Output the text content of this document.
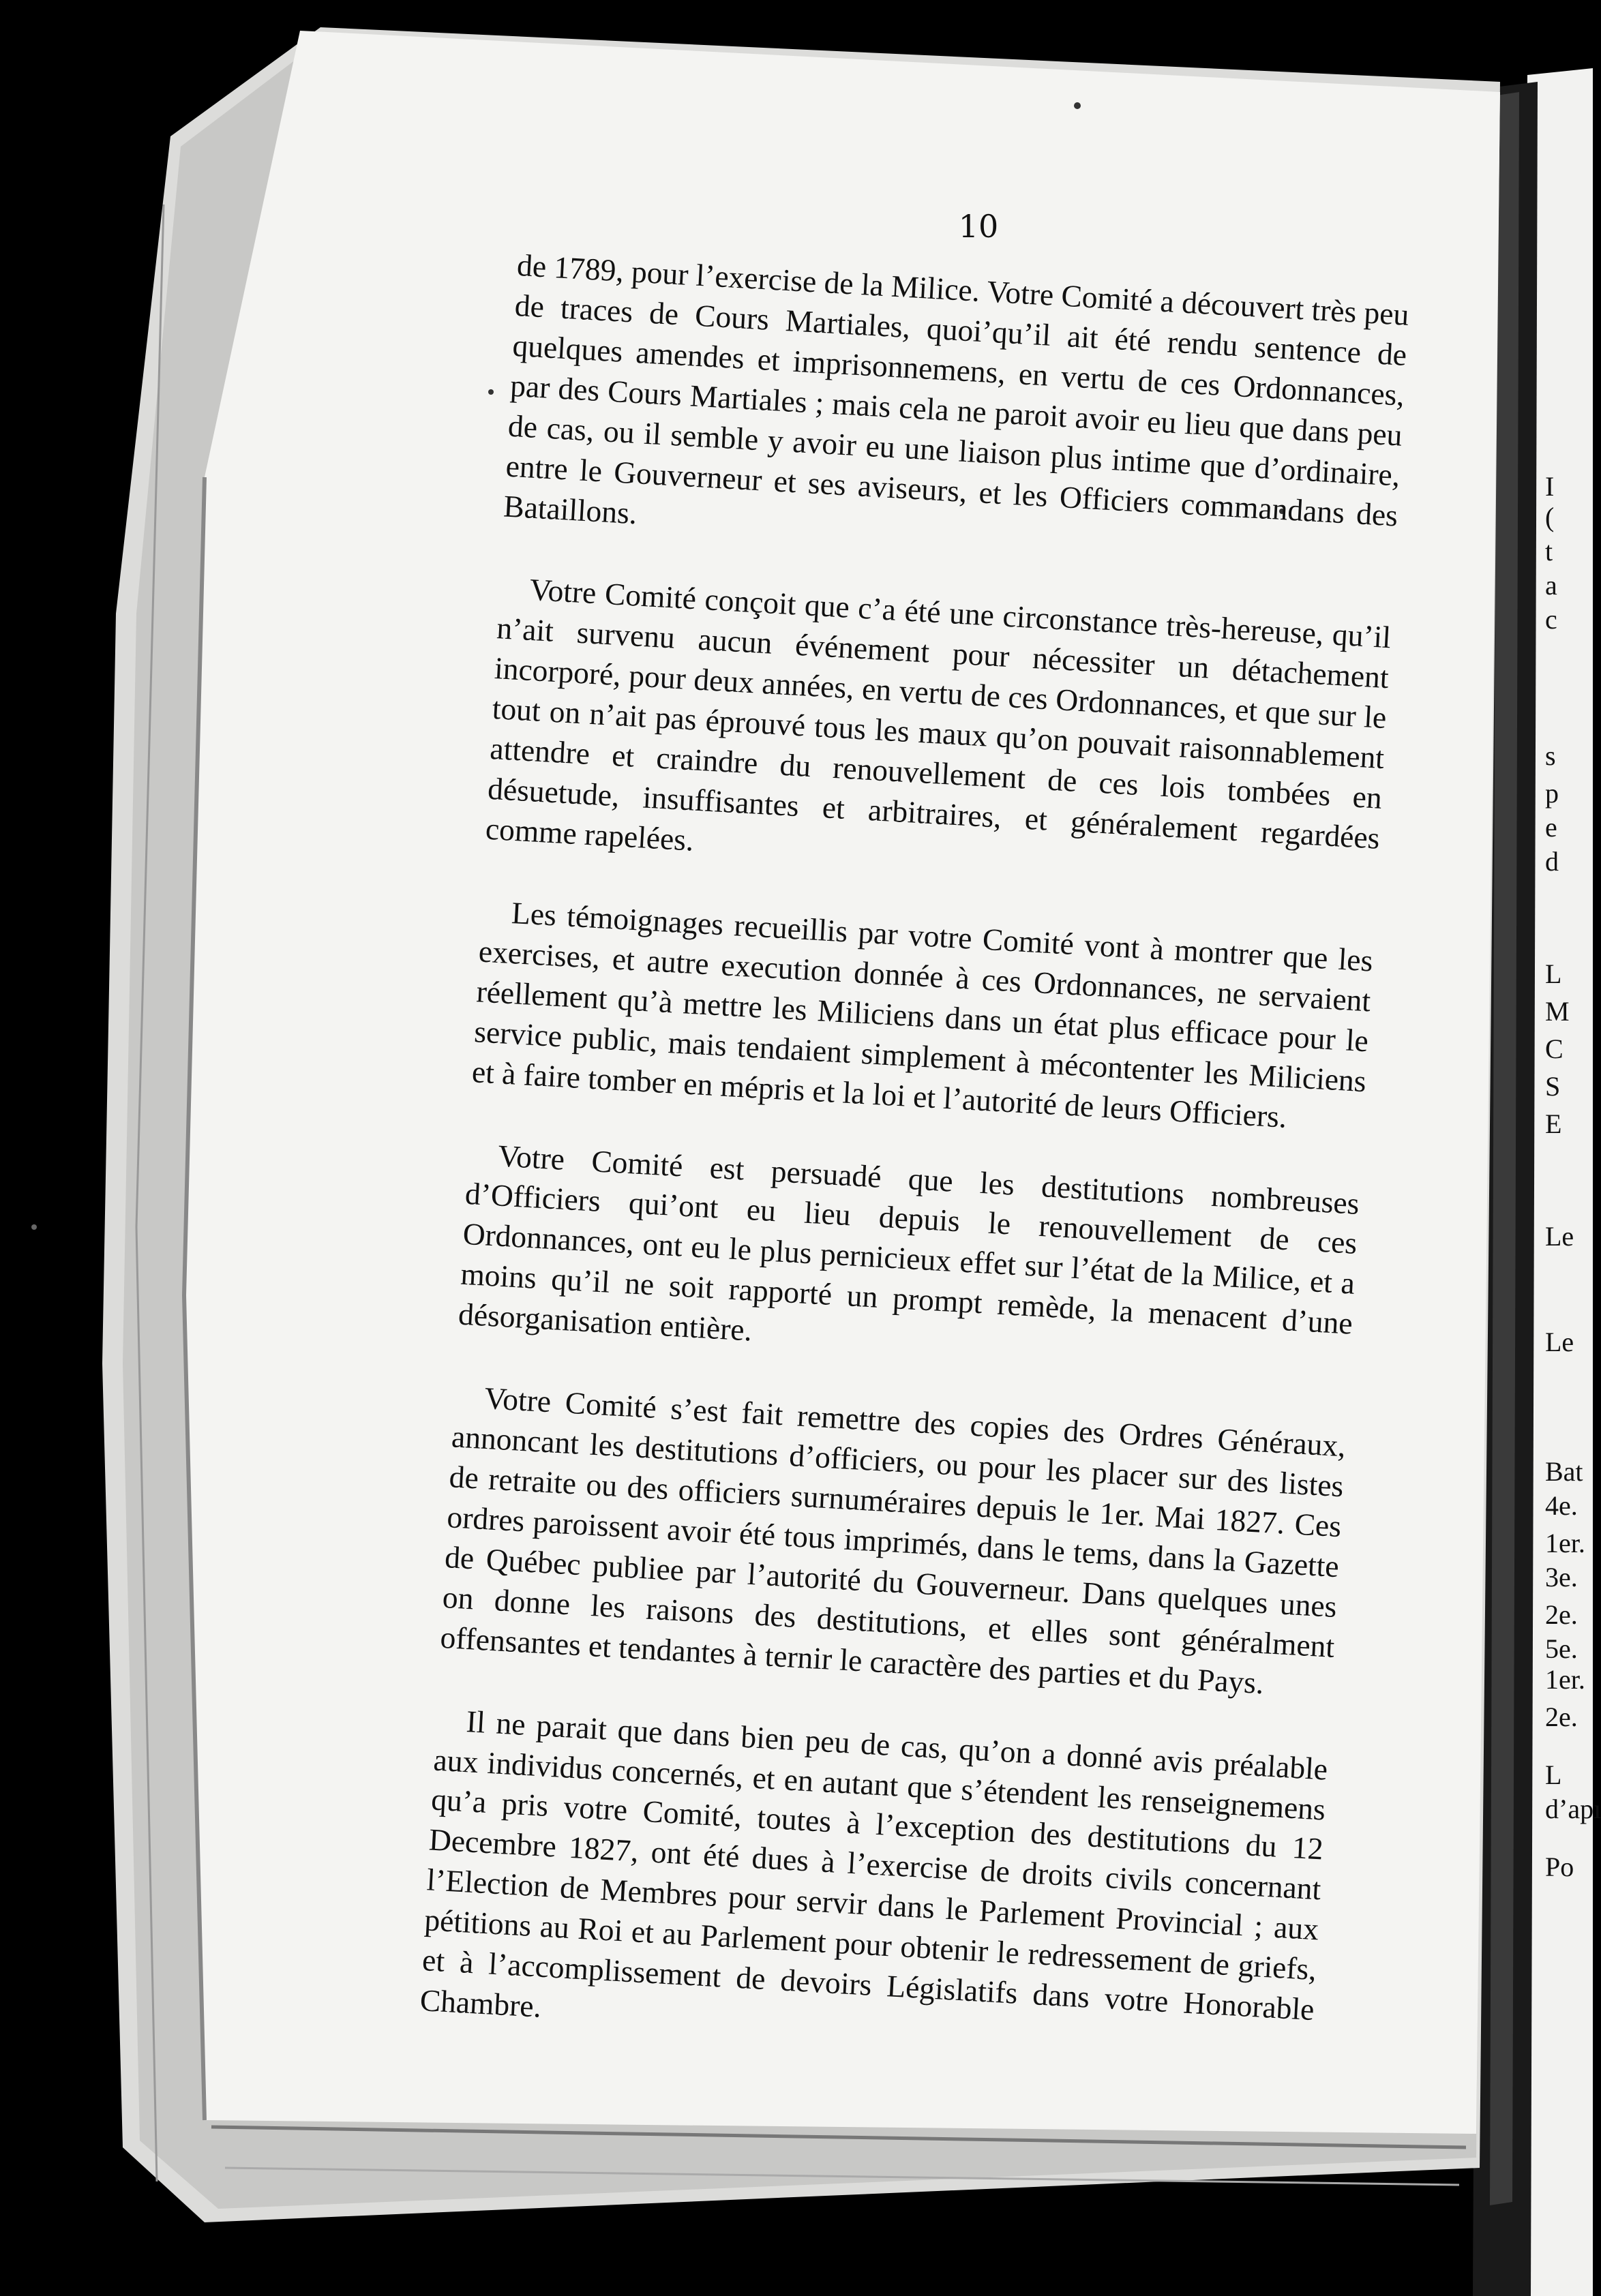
10

de 1789, pour l’exercise de la Milice. Votre Comité a découvert très peu de traces de Cours Martiales, quoi’qu’il ait été rendu sentence de quelques amendes et imprisonnemens, en vertu de ces Ordonnances, par des Cours Martiales ; mais cela ne paroit avoir eu lieu que dans peu de cas, ou il semble y avoir eu une liaison plus intime que d’ordinaire, entre le Gouverneur et ses aviseurs, et les Officiers commandans des Bataillons.

Votre Comité conçoit que c’a été une circonstance très-hereuse, qu’il n’ait survenu aucun événement pour nécessiter un détachement incorporé, pour deux années, en vertu de ces Ordonnances, et que sur le tout on n’ait pas éprouvé tous les maux qu’on pouvait raisonnablement attendre et craindre du renouvellement de ces lois tombées en désuetude, insuffisantes et arbitraires, et généralement regardées comme rapelées.

Les témoignages recueillis par votre Comité vont à montrer que les exercises, et autre execution donnée à ces Ordonnances, ne servaient réellement qu’à mettre les Miliciens dans un état plus efficace pour le service public, mais tendaient simplement à mécontenter les Miliciens et à faire tomber en mépris et la loi et l’autorité de leurs Officiers.

Votre Comité est persuadé que les destitutions nombreuses d’Officiers qui’ont eu lieu depuis le renouvellement de ces Ordonnances, ont eu le plus pernicieux effet sur l’état de la Milice, et a moins qu’il ne soit rapporté un prompt remède, la menacent d’une désorganisation entière.

Votre Comité s’est fait remettre des copies des Ordres Généraux, annoncant les destitutions d’officiers, ou pour les placer sur des listes de retraite ou des officiers surnuméraires depuis le 1er. Mai 1827. Ces ordres paroissent avoir été tous imprimés, dans le tems, dans la Gazette de Québec publiee par l’autorité du Gouverneur. Dans quelques unes on donne les raisons des destitutions, et elles sont généralment offensantes et tendantes à ternir le caractère des parties et du Pays.

Il ne parait que dans bien peu de cas, qu’on a donné avis préalable aux individus concernés, et en autant que s’étendent les renseignemens qu’a pris votre Comité, toutes à l’exception des destitutions du 12 Decembre 1827, ont été dues à l’exercise de droits civils concernant l’Election de Membres pour servir dans le Parlement Provincial ; aux pétitions au Roi et au Parlement pour obtenir le redressement de griefs, et à l’accomplissement de devoirs Législatifs dans votre Honorable Chambre.

I
(
t
a
c
s
p
e
d
L
M
C
S
E
Le
Le
Bat
4e.
1er.
3e.
2e.
5e.
1er.
2e.
L
d’apı
Po
